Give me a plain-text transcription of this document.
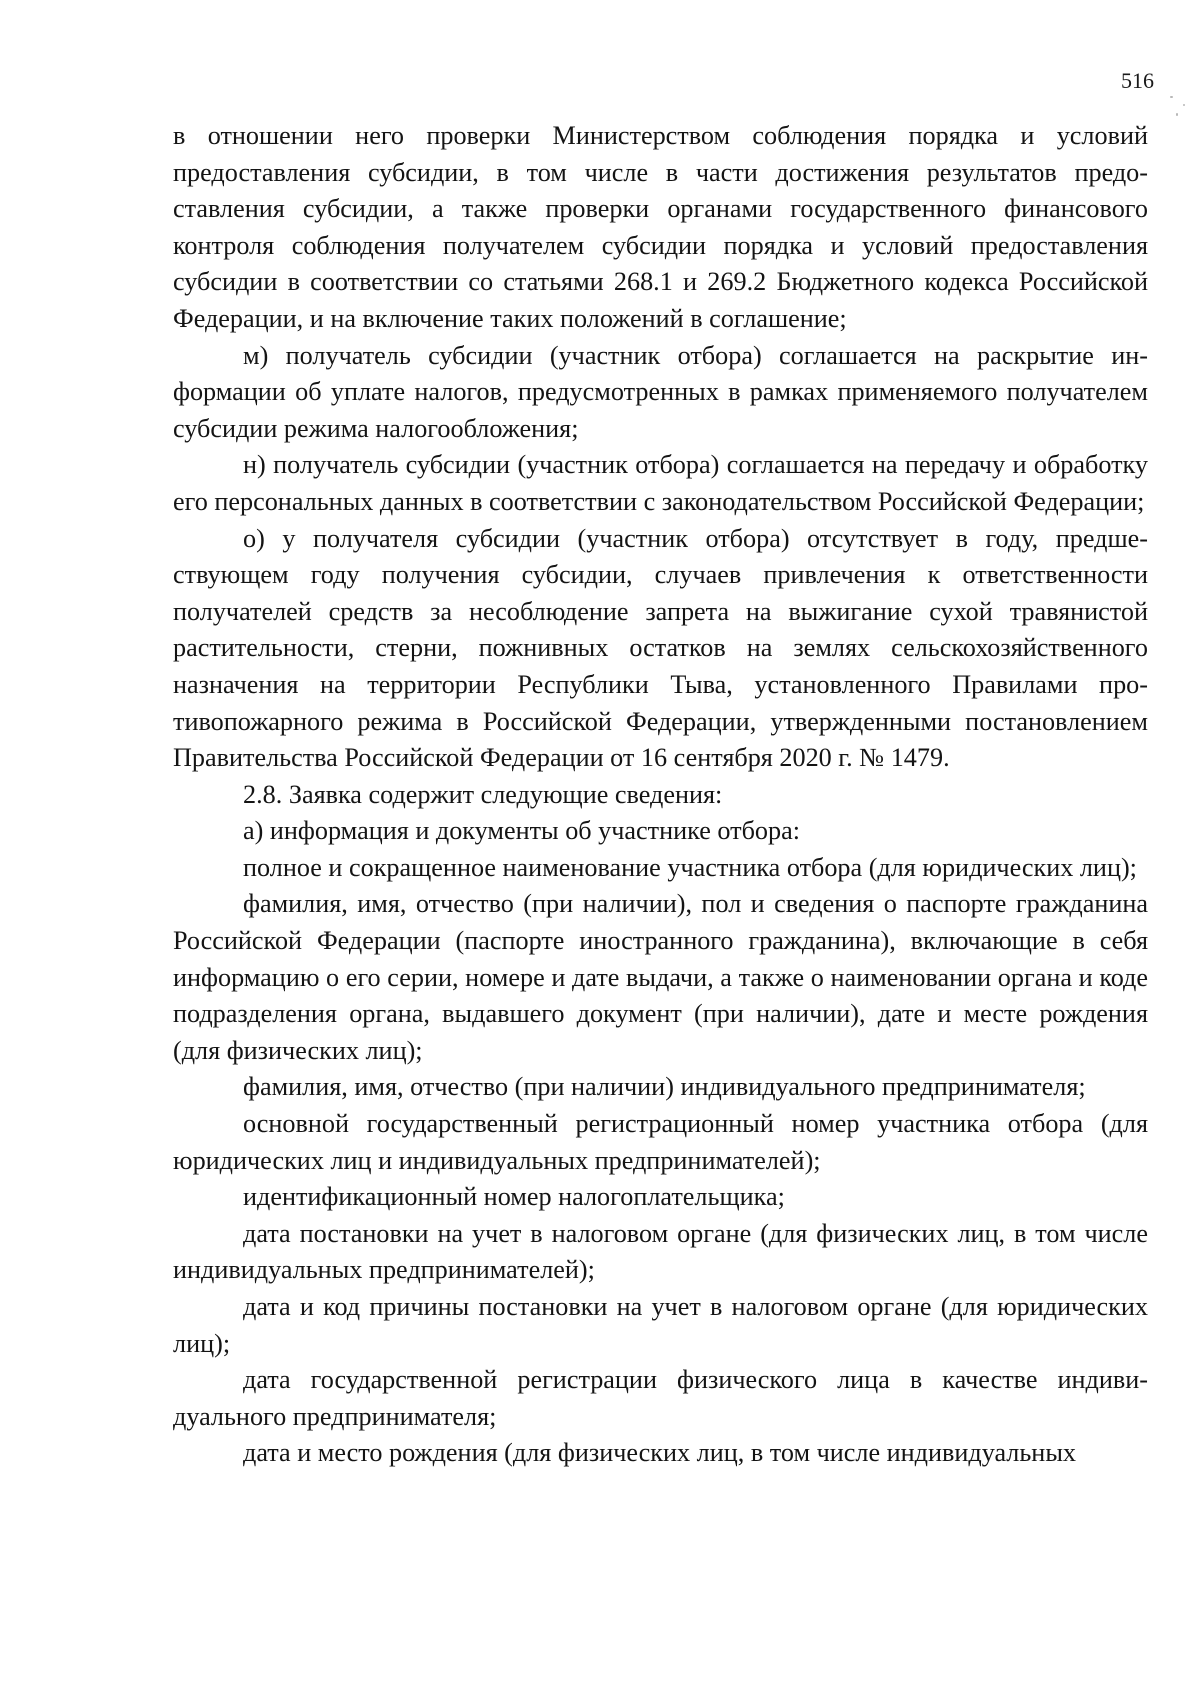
516

в отношении него проверки Министерством соблюдения порядка и условий предоставления субсидии, в том числе в части достижения результатов предоставления субсидии, а также проверки органами государственного финансового контроля соблюдения получателем субсидии порядка и условий предоставления субсидии в соответствии со статьями 268.1 и 269.2 Бюджетного кодекса Российской Федерации, и на включение таких положений в соглашение;

м) получатель субсидии (участник отбора) соглашается на раскрытие информации об уплате налогов, предусмотренных в рамках применяемого получателем субсидии режима налогообложения;

н) получатель субсидии (участник отбора) соглашается на передачу и обработку его персональных данных в соответствии с законодательством Российской Федерации;

о) у получателя субсидии (участник отбора) отсутствует в году, предшествующем году получения субсидии, случаев привлечения к ответственности получателей средств за несоблюдение запрета на выжигание сухой травянистой растительности, стерни, пожнивных остатков на землях сельскохозяйственного назначения на территории Республики Тыва, установленного Правилами противопожарного режима в Российской Федерации, утвержденными постановлением Правительства Российской Федерации от 16 сентября 2020 г. № 1479.

2.8. Заявка содержит следующие сведения:

а) информация и документы об участнике отбора:

полное и сокращенное наименование участника отбора (для юридических лиц);

фамилия, имя, отчество (при наличии), пол и сведения о паспорте гражданина Российской Федерации (паспорте иностранного гражданина), включающие в себя информацию о его серии, номере и дате выдачи, а также о наименовании органа и коде подразделения органа, выдавшего документ (при наличии), дате и месте рождения (для физических лиц);

фамилия, имя, отчество (при наличии) индивидуального предпринимателя;

основной государственный регистрационный номер участника отбора (для юридических лиц и индивидуальных предпринимателей);

идентификационный номер налогоплательщика;

дата постановки на учет в налоговом органе (для физических лиц, в том числе индивидуальных предпринимателей);

дата и код причины постановки на учет в налоговом органе (для юридических лиц);

дата государственной регистрации физического лица в качестве индивидуального предпринимателя;

дата и место рождения (для физических лиц, в том числе индивидуальных
